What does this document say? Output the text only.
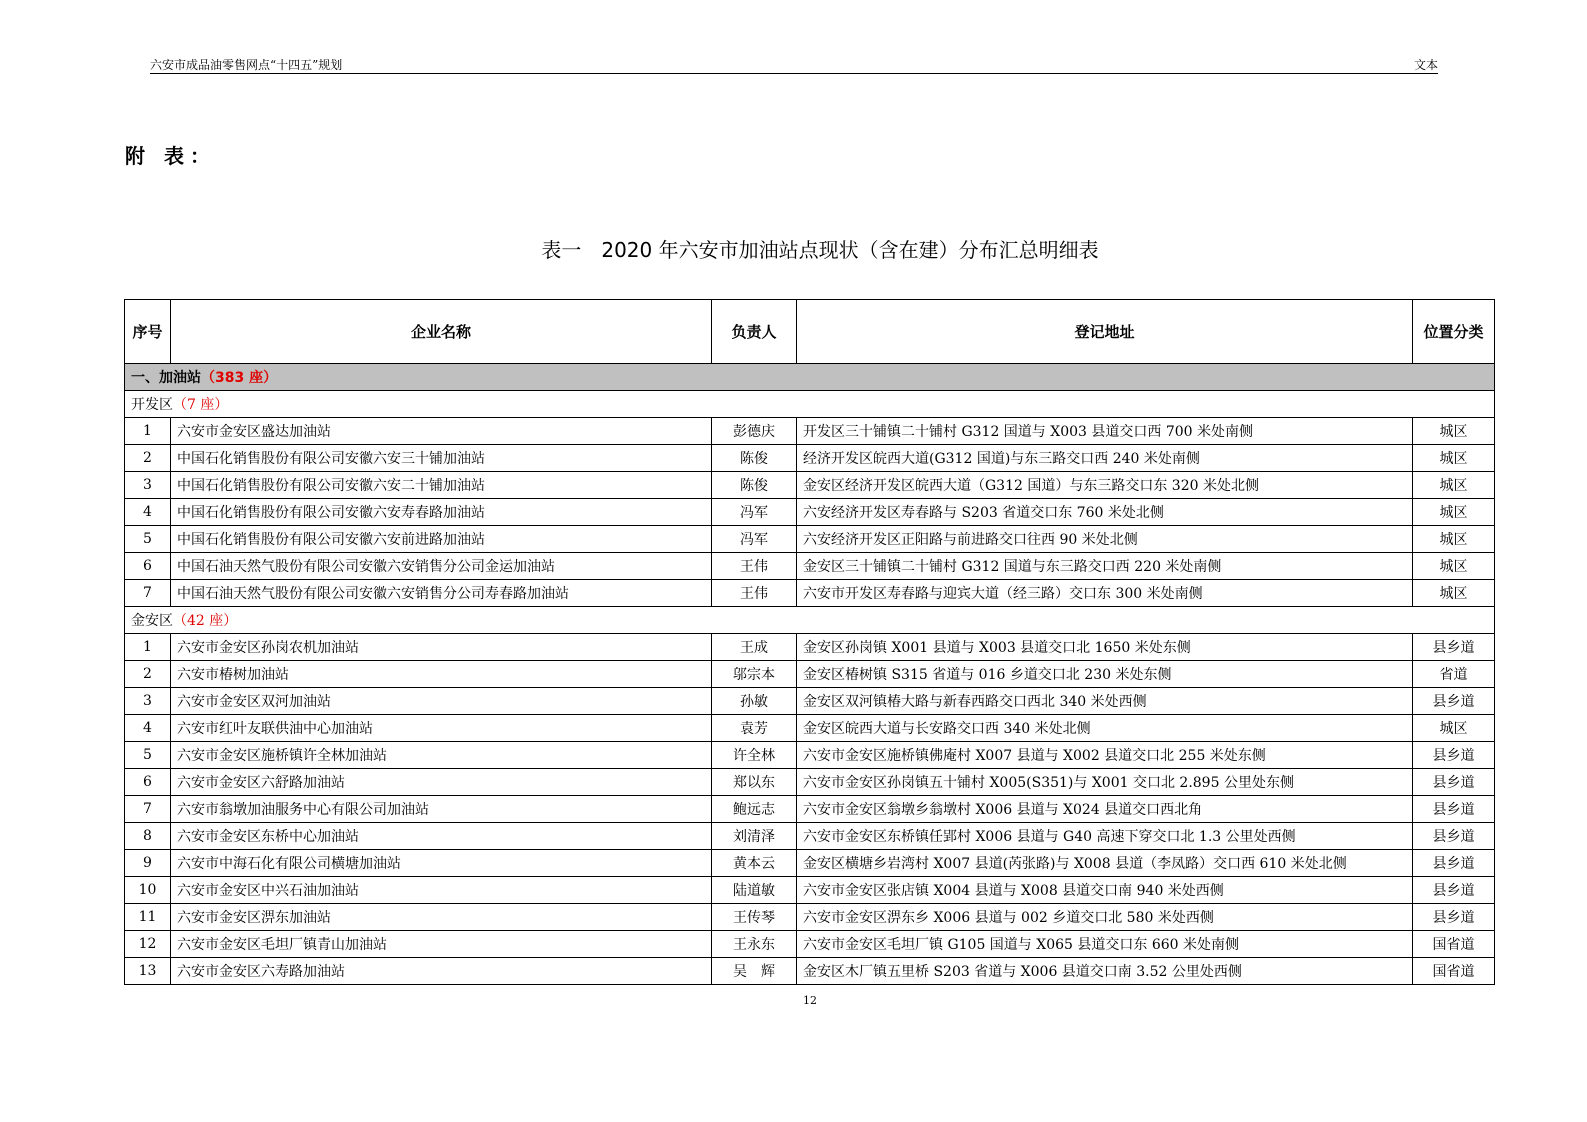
六安市成品油零售网点“十四五”规划	文本
附 表：
表一　2020 年六安市加油站点现状（含在建）分布汇总明细表
序号	企业名称	负责人	登记地址	位置分类
一、加油站（383 座）				
开发区（7 座）				
1	六安市金安区盛达加油站	彭德庆	开发区三十铺镇二十铺村 G312 国道与 X003 县道交口西 700 米处南侧	城区
2	中国石化销售股份有限公司安徽六安三十铺加油站	陈俊	经济开发区皖西大道(G312 国道)与东三路交口西 240 米处南侧	城区
3	中国石化销售股份有限公司安徽六安二十铺加油站	陈俊	金安区经济开发区皖西大道（G312 国道）与东三路交口东 320 米处北侧	城区
4	中国石化销售股份有限公司安徽六安寿春路加油站	冯军	六安经济开发区寿春路与 S203 省道交口东 760 米处北侧	城区
5	中国石化销售股份有限公司安徽六安前进路加油站	冯军	六安经济开发区正阳路与前进路交口往西 90 米处北侧	城区
6	中国石油天然气股份有限公司安徽六安销售分公司金运加油站	王伟	金安区三十铺镇二十铺村 G312 国道与东三路交口西 220 米处南侧	城区
7	中国石油天然气股份有限公司安徽六安销售分公司寿春路加油站	王伟	六安市开发区寿春路与迎宾大道（经三路）交口东 300 米处南侧	城区
金安区（42 座）				
1	六安市金安区孙岗农机加油站	王成	金安区孙岗镇 X001 县道与 X003 县道交口北 1650 米处东侧	县乡道
2	六安市椿树加油站	邬宗本	金安区椿树镇 S315 省道与 016 乡道交口北 230 米处东侧	省道
3	六安市金安区双河加油站	孙敏	金安区双河镇椿大路与新春西路交口西北 340 米处西侧	县乡道
4	六安市红叶友联供油中心加油站	袁芳	金安区皖西大道与长安路交口西 340 米处北侧	城区
5	六安市金安区施桥镇许全林加油站	许全林	六安市金安区施桥镇佛庵村 X007 县道与 X002 县道交口北 255 米处东侧	县乡道
6	六安市金安区六舒路加油站	郑以东	六安市金安区孙岗镇五十铺村 X005(S351)与 X001 交口北 2.895 公里处东侧	县乡道
7	六安市翁墩加油服务中心有限公司加油站	鲍远志	六安市金安区翁墩乡翁墩村 X006 县道与 X024 县道交口西北角	县乡道
8	六安市金安区东桥中心加油站	刘清泽	六安市金安区东桥镇任郢村 X006 县道与 G40 高速下穿交口北 1.3 公里处西侧	县乡道
9	六安市中海石化有限公司横塘加油站	黄本云	金安区横塘乡岩湾村 X007 县道(芮张路)与 X008 县道（李凤路）交口西 610 米处北侧	县乡道
10	六安市金安区中兴石油加油站	陆道敏	六安市金安区张店镇 X004 县道与 X008 县道交口南 940 米处西侧	县乡道
11	六安市金安区淠东加油站	王传琴	六安市金安区淠东乡 X006 县道与 002 乡道交口北 580 米处西侧	县乡道
12	六安市金安区毛坦厂镇青山加油站	王永东	六安市金安区毛坦厂镇 G105 国道与 X065 县道交口东 660 米处南侧	国省道
13	六安市金安区六寿路加油站	吴　辉	金安区木厂镇五里桥 S203 省道与 X006 县道交口南 3.52 公里处西侧	国省道
12
